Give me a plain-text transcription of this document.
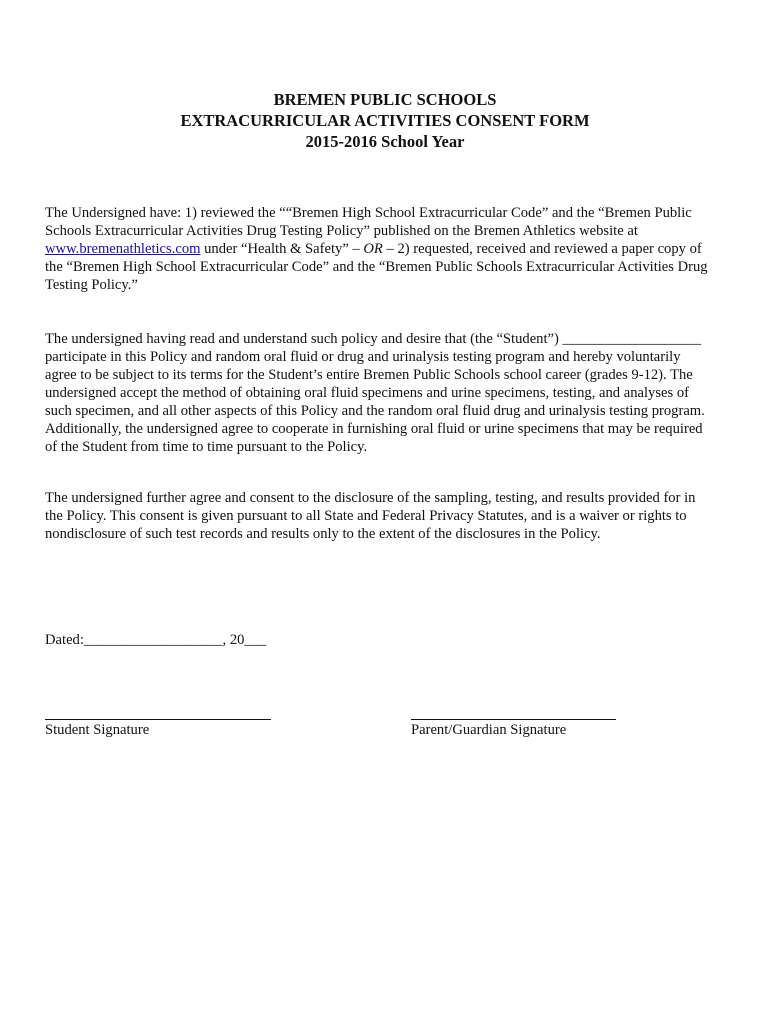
BREMEN PUBLIC SCHOOLS
EXTRACURRICULAR ACTIVITIES CONSENT FORM
2015-2016 School Year
The Undersigned have: 1) reviewed the ““Bremen High School Extracurricular Code” and the “Bremen Public
Schools Extracurricular Activities Drug Testing Policy” published on the Bremen Athletics website at
www.bremenathletics.com under “Health & Safety” – OR – 2) requested, received and reviewed a paper copy of
the “Bremen High School Extracurricular Code” and the “Bremen Public Schools Extracurricular Activities Drug
Testing Policy.”
The undersigned having read and understand such policy and desire that (the “Student”) ___________________
participate in this Policy and random oral fluid or drug and urinalysis testing program and hereby voluntarily
agree to be subject to its terms for the Student’s entire Bremen Public Schools school career (grades 9-12). The
undersigned accept the method of obtaining oral fluid specimens and urine specimens, testing, and analyses of
such specimen, and all other aspects of this Policy and the random oral fluid drug and urinalysis testing program.
Additionally, the undersigned agree to cooperate in furnishing oral fluid or urine specimens that may be required
of the Student from time to time pursuant to the Policy.
The undersigned further agree and consent to the disclosure of the sampling, testing, and results provided for in
the Policy. This consent is given pursuant to all State and Federal Privacy Statutes, and is a waiver or rights to
nondisclosure of such test records and results only to the extent of the disclosures in the Policy.
Dated:___________________, 20___
Student Signature	Parent/Guardian Signature
